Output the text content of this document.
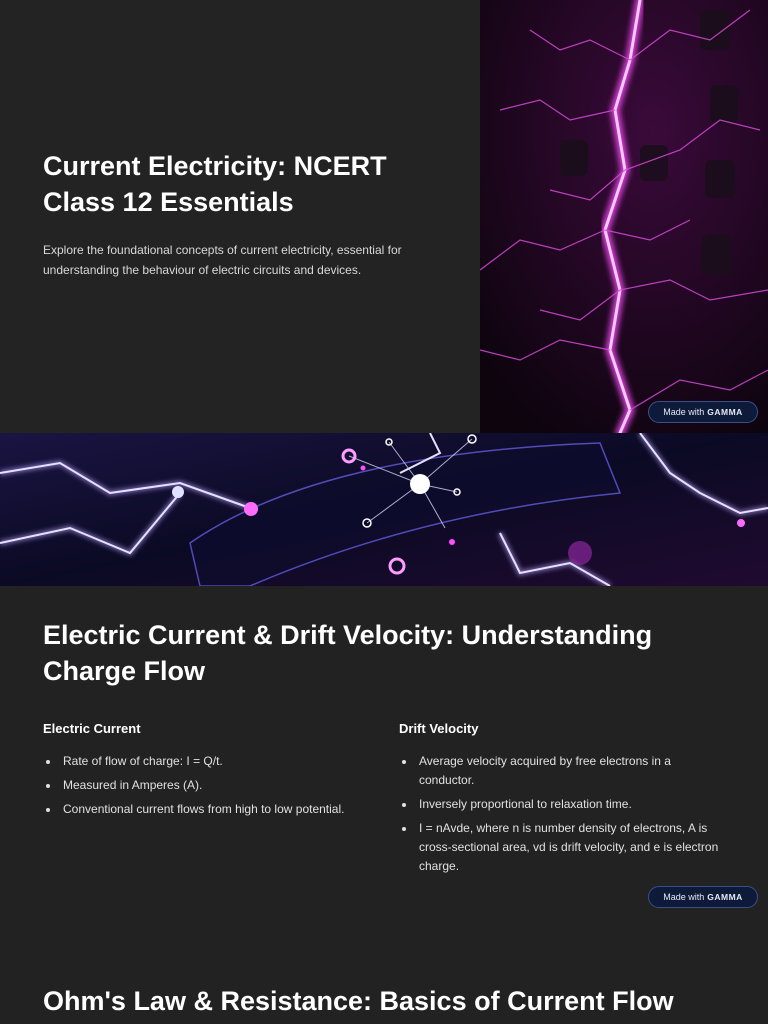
Current Electricity: NCERT Class 12 Essentials

Explore the foundational concepts of current electricity, essential for understanding the behaviour of electric circuits and devices.

Made with GAMMA
Electric Current & Drift Velocity: Understanding Charge Flow
Electric Current
Rate of flow of charge: I = Q/t.
Measured in Amperes (A).
Conventional current flows from high to low potential.
Drift Velocity
Average velocity acquired by free electrons in a conductor.
Inversely proportional to relaxation time.
I = nAvde, where n is number density of electrons, A is cross-sectional area, vd is drift velocity, and e is electron charge.
Made with GAMMA
Ohm's Law & Resistance: Basics of Current Flow
